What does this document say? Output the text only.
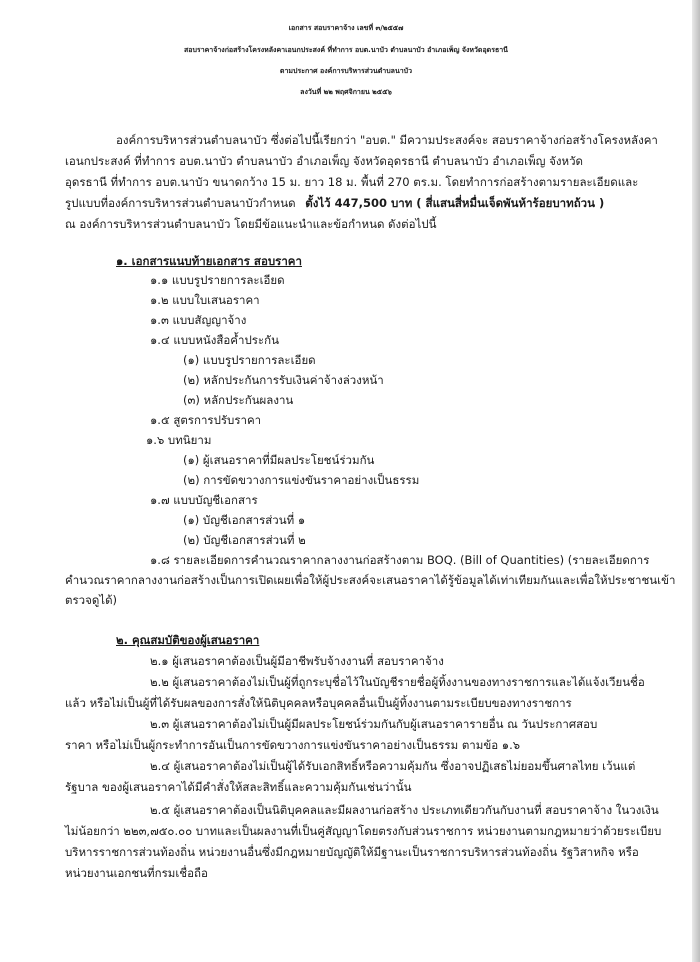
เอกสาร สอบราคาจ้าง เลขที่ ๓/๒๕๕๗
สอบราคาจ้างก่อสร้างโครงหลังคาเอนกประสงค์ ที่ทำการ อบต.นาบัว ตำบลนาบัว อำเภอเพ็ญ จังหวัดอุดรธานี
ตามประกาศ องค์การบริหารส่วนตำบลนาบัว
ลงวันที่ ๒๒ พฤศจิกายน ๒๕๕๖
องค์การบริหารส่วนตำบลนาบัว ซึ่งต่อไปนี้เรียกว่า "อบต." มีความประสงค์จะ สอบราคาจ้างก่อสร้างโครงหลังคา
เอนกประสงค์ ที่ทำการ อบต.นาบัว ตำบลนาบัว อำเภอเพ็ญ จังหวัดอุดรธานี ตำบลนาบัว อำเภอเพ็ญ จังหวัด
อุดรธานี ที่ทำการ อบต.นาบัว ขนาดกว้าง 15 ม. ยาว 18 ม. พื้นที่ 270 ตร.ม. โดยทำการก่อสร้างตามรายละเอียดและ
รูปแบบที่องค์การบริหารส่วนตำบลนาบัวกำหนด ตั้งไว้ 447,500 บาท ( สี่แสนสี่หมื่นเจ็ดพันห้าร้อยบาทถ้วน )
ณ องค์การบริหารส่วนตำบลนาบัว โดยมีข้อแนะนำและข้อกำหนด ดังต่อไปนี้
๑. เอกสารแนบท้ายเอกสาร สอบราคา
๑.๑ แบบรูปรายการละเอียด
๑.๒ แบบใบเสนอราคา
๑.๓ แบบสัญญาจ้าง
๑.๔ แบบหนังสือค้ำประกัน
(๑) แบบรูปรายการละเอียด
(๒) หลักประกันการรับเงินค่าจ้างล่วงหน้า
(๓) หลักประกันผลงาน
๑.๕ สูตรการปรับราคา
๑.๖ บทนิยาม
(๑) ผู้เสนอราคาที่มีผลประโยชน์ร่วมกัน
(๒) การขัดขวางการแข่งขันราคาอย่างเป็นธรรม
๑.๗ แบบบัญชีเอกสาร
(๑) บัญชีเอกสารส่วนที่ ๑
(๒) บัญชีเอกสารส่วนที่ ๒
๑.๘ รายละเอียดการคำนวณราคากลางงานก่อสร้างตาม BOQ. (Bill of Quantities) (รายละเอียดการ
คำนวณราคากลางงานก่อสร้างเป็นการเปิดเผยเพื่อให้ผู้ประสงค์จะเสนอราคาได้รู้ข้อมูลได้เท่าเทียมกันและเพื่อให้ประชาชนเข้า
ตรวจดูได้)
๒. คุณสมบัติของผู้เสนอราคา
๒.๑ ผู้เสนอราคาต้องเป็นผู้มีอาชีพรับจ้างงานที่ สอบราคาจ้าง
๒.๒ ผู้เสนอราคาต้องไม่เป็นผู้ที่ถูกระบุชื่อไว้ในบัญชีรายชื่อผู้ทิ้งงานของทางราชการและได้แจ้งเวียนชื่อ
แล้ว หรือไม่เป็นผู้ที่ได้รับผลของการสั่งให้นิติบุคคลหรือบุคคลอื่นเป็นผู้ทิ้งงานตามระเบียบของทางราชการ
๒.๓ ผู้เสนอราคาต้องไม่เป็นผู้มีผลประโยชน์ร่วมกันกับผู้เสนอราคารายอื่น ณ วันประกาศสอบ
ราคา หรือไม่เป็นผู้กระทำการอันเป็นการขัดขวางการแข่งขันราคาอย่างเป็นธรรม ตามข้อ ๑.๖
๒.๔ ผู้เสนอราคาต้องไม่เป็นผู้ได้รับเอกสิทธิ์หรือความคุ้มกัน ซึ่งอาจปฏิเสธไม่ยอมขึ้นศาลไทย เว้นแต่
รัฐบาล ของผู้เสนอราคาได้มีคำสั่งให้สละสิทธิ์และความคุ้มกันเช่นว่านั้น
๒.๕ ผู้เสนอราคาต้องเป็นนิติบุคคลและมีผลงานก่อสร้าง ประเภทเดียวกันกับงานที่ สอบราคาจ้าง ในวงเงิน
ไม่น้อยกว่า ๒๒๓,๗๕๐.๐๐ บาทและเป็นผลงานที่เป็นคู่สัญญาโดยตรงกับส่วนราชการ หน่วยงานตามกฎหมายว่าด้วยระเบียบ
บริหารราชการส่วนท้องถิ่น หน่วยงานอื่นซึ่งมีกฎหมายบัญญัติให้มีฐานะเป็นราชการบริหารส่วนท้องถิ่น รัฐวิสาหกิจ หรือ
หน่วยงานเอกชนที่กรมเชื่อถือ
